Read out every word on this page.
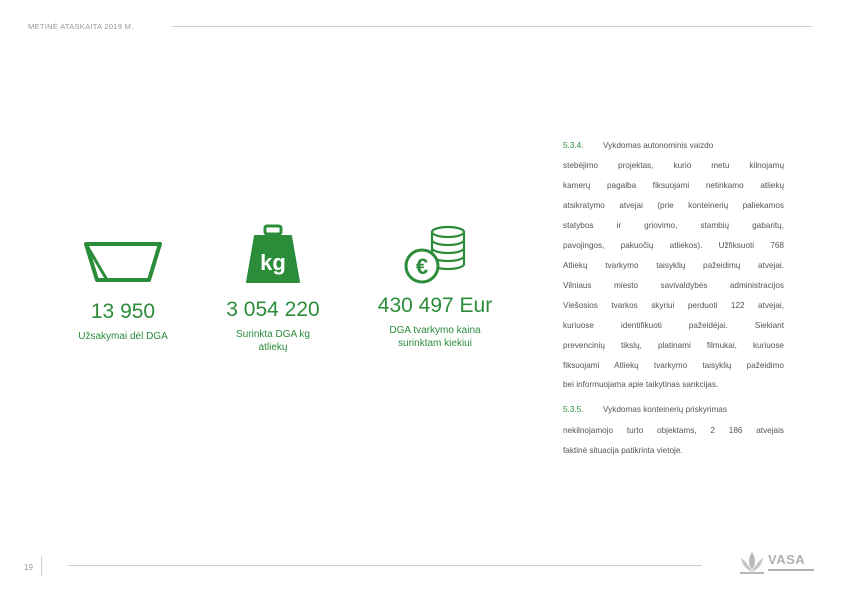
METINĖ ATASKAITA 2019 M.
13 950
Užsakymai dėl DGA
kg
3 054 220
Surinkta DGA kg
atliekų
€
430 497 Eur
DGA tvarkymo kaina
surinktam kiekiui
5.3.4. Vykdomas autonominis vaizdo
stebėjimo projektas, kurio metu kilnojamų
kamerų pagalba fiksuojami netinkamo atliekų
atsikratymo atvejai (prie konteinerių paliekamos
statybos ir griovimo, stambių gabaritų,
pavojingos, pakuočių atliekos). Užfiksuoti 768
Atliekų tvarkymo taisyklių pažeidimų atvejai.
Vilniaus miesto savivaldybės administracijos
Viešosios tvarkos skyriui perduoti 122 atvejai,
kuriuose identifikuoti pažeidėjai. Siekiant
prevencinių tikslų, platinami filmukai, kuriuose
fiksuojami Atliekų tvarkymo taisyklių pažeidimo
bei informuojama apie taikytinas sankcijas.
5.3.5. Vykdomas konteinerių priskyrimas
nekilnojamojo turto objektams, 2 186 atvejais
faktinė situacija patikrinta vietoje.
19
VASA
